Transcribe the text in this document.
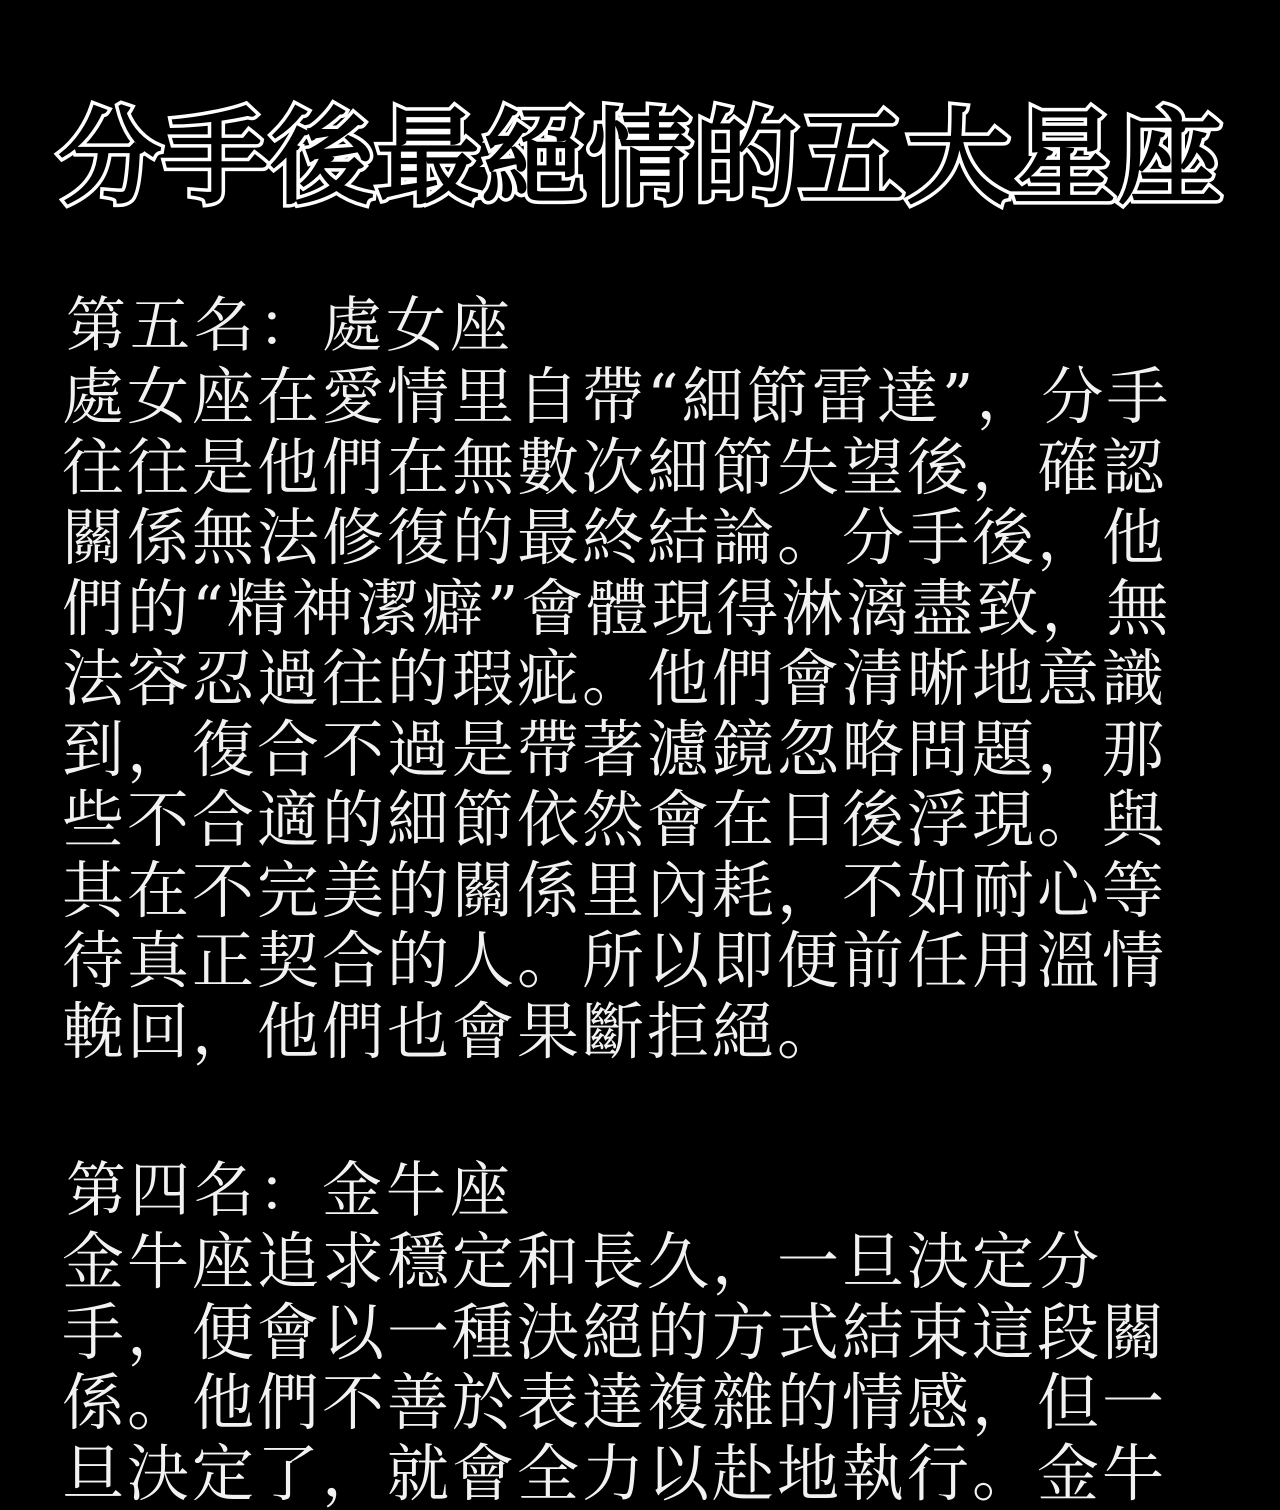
分手後最絕情的五大星座
第五名：處女座
處女座在愛情里自帶“細節雷達”，分手
往往是他們在無數次細節失望後，確認
關係無法修復的最終結論。分手後，他
們的“精神潔癖”會體現得淋漓盡致，無
法容忍過往的瑕疵。他們會清晰地意識
到，復合不過是帶著濾鏡忽略問題，那
些不合適的細節依然會在日後浮現。與
其在不完美的關係里內耗，不如耐心等
待真正契合的人。所以即便前任用溫情
輓回，他們也會果斷拒絕。
第四名：金牛座
金牛座追求穩定和長久，一旦決定分
手，便會以一種決絕的方式結束這段關
係。他們不善於表達複雜的情感，但一
旦決定了，就會全力以赴地執行。金牛
